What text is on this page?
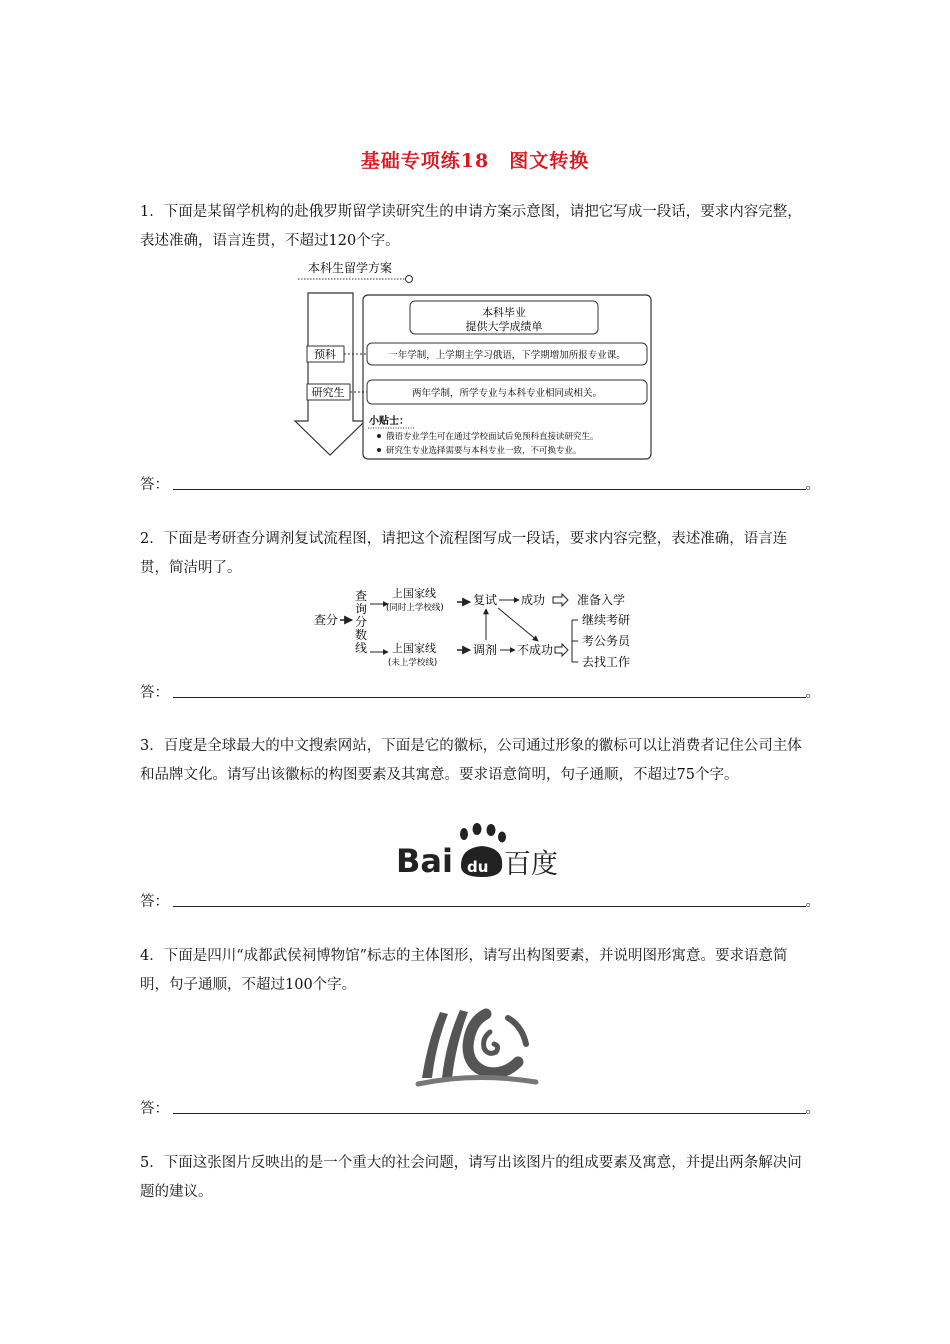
基础专项练18　图文转换
1．下面是某留学机构的赴俄罗斯留学读研究生的申请方案示意图，请把它写成一段话，要求内容完整，表述准确，语言连贯，不超过120个字。
本科生留学方案
本科毕业
提供大学成绩单
预科	一年学制，上学期主学习俄语，下学期增加所报专业课。
研究生	两年学制，所学专业与本科专业相同或相关。
小贴士：
俄语专业学生可在通过学校面试后免预科直接读研究生。
研究生专业选择需要与本科专业一致，不可换专业。
答：	。
2．下面是考研查分调剂复试流程图，请把这个流程图写成一段话，要求内容完整，表述准确，语言连贯，简洁明了。
查分
查
询
分
数
线
上国家线
(同时上学校线)
复试 成功	准备入学
上国家线
(未上学校线)
调剂 不成功
继续考研
考公务员
去找工作
答：	。
3．百度是全球最大的中文搜索网站，下面是它的徽标，公司通过形象的徽标可以让消费者记住公司主体和品牌文化。请写出该徽标的构图要素及其寓意。要求语意简明，句子通顺，不超过75个字。
Bai du 百度
答：	。
4．下面是四川“成都武侯祠博物馆”标志的主体图形，请写出构图要素，并说明图形寓意。要求语意简明，句子通顺，不超过100个字。
答：	。
5．下面这张图片反映出的是一个重大的社会问题，请写出该图片的组成要素及寓意，并提出两条解决问题的建议。
